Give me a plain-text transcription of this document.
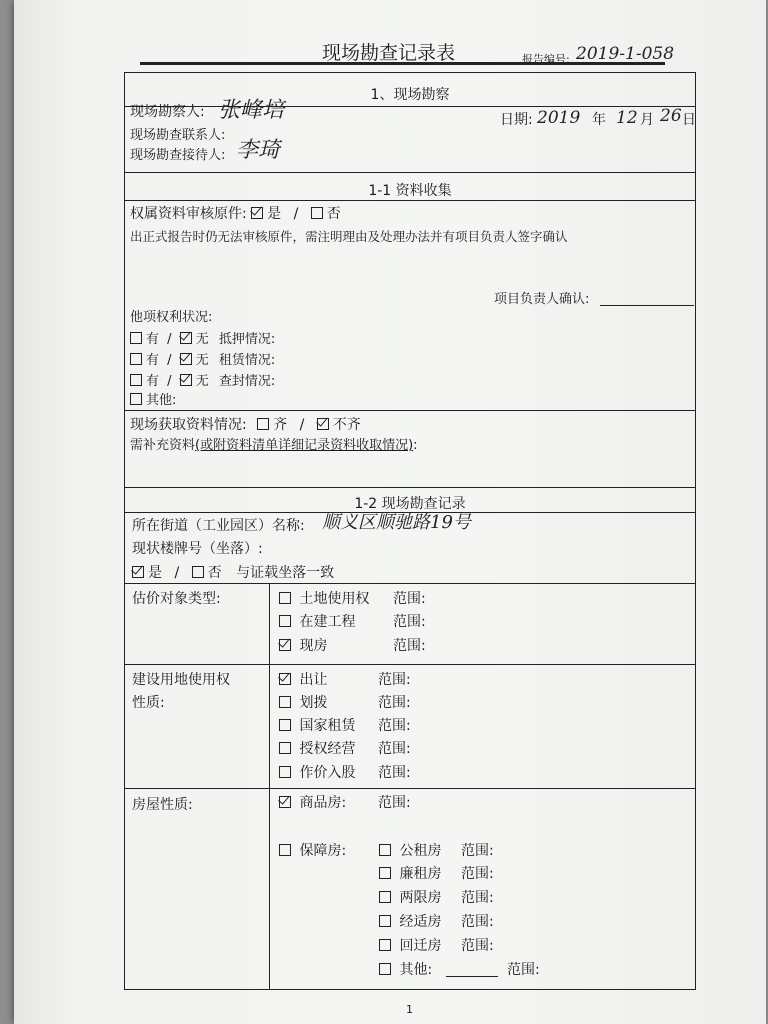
现场勘查记录表	报告编号: 2019-1-058
1、现场勘察
现场勘察人: 张峰培
现场勘查联系人:
现场勘查接待人: 李琦
日期: 2019 年 12 月 26 日
1-1 资料收集
权属资料审核原件: 是 / 否
出正式报告时仍无法审核原件，需注明理由及处理办法并有项目负责人签字确认
项目负责人确认:
他项权利状况:
有 / 无 抵押情况:
有 / 无 租赁情况:
有 / 无 查封情况:
其他:
现场获取资料情况: 齐 / 不齐
需补充资料(或附资料清单详细记录资料收取情况):
1-2 现场勘查记录
所在街道（工业园区）名称: 顺义区顺驰路19号
现状楼牌号（坐落）:
是 / 否 与证载坐落一致
估价对象类型:	土地使用权 范围:
在建工程	范围:
现房	范围:
建设用地使用权
性质:
出让	范围:
划拨	范围:
国家租赁 范围:
授权经营 范围:
作价入股 范围:
房屋性质:	商品房: 范围:
保障房:	公租房 范围:
廉租房 范围:
两限房 范围:
经适房 范围:
回迁房 范围:
其他:	范围:
1
